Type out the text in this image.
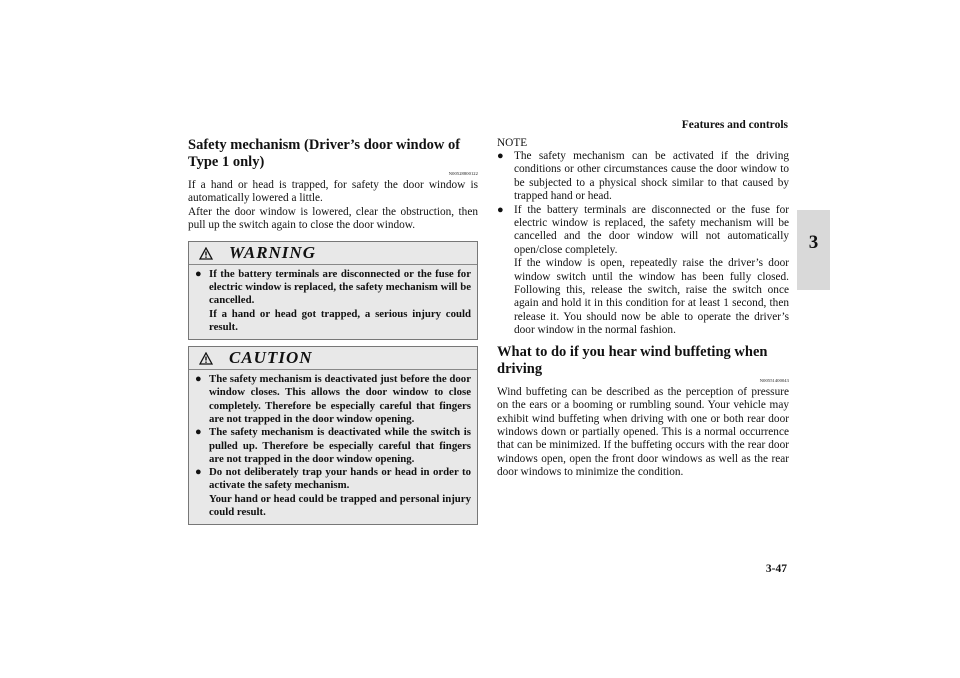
Features and controls
3
Safety mechanism (Driver’s door window of Type 1 only)

N00528800122

If a hand or head is trapped, for safety the door window is automatically lowered a little.

After the door window is lowered, clear the obstruction, then pull up the switch again to close the door window.

WARNING
● If the battery terminals are disconnected or the fuse for electric window is replaced, the safety mechanism will be cancelled.
If a hand or head got trapped, a serious injury could result.
CAUTION
● The safety mechanism is deactivated just before the door window closes. This allows the door window to close completely. Therefore be especially careful that fingers are not trapped in the door window opening.
● The safety mechanism is deactivated while the switch is pulled up. Therefore be especially careful that fingers are not trapped in the door window opening.
● Do not deliberately trap your hands or head in order to activate the safety mechanism.
Your hand or head could be trapped and personal injury could result.
NOTE
● The safety mechanism can be activated if the driving conditions or other circumstances cause the door window to be subjected to a physical shock similar to that caused by trapped hand or head.
● If the battery terminals are disconnected or the fuse for electric window is replaced, the safety mechanism will be cancelled and the door window will not automatically open/close completely.
If the window is open, repeatedly raise the driver’s door window switch until the window has been fully closed. Following this, release the switch, raise the switch once again and hold it in this condition for at least 1 second, then release it. You should now be able to operate the driver’s door window in the normal fashion.
What to do if you hear wind buffeting when driving

N00551400043

Wind buffeting can be described as the perception of pressure on the ears or a booming or rumbling sound. Your vehicle may exhibit wind buffeting when driving with one or both rear door windows down or partially opened. This is a normal occurrence that can be minimized. If the buffeting occurs with the rear door windows open, open the front door windows as well as the rear door windows to minimize the condition.

3-47
